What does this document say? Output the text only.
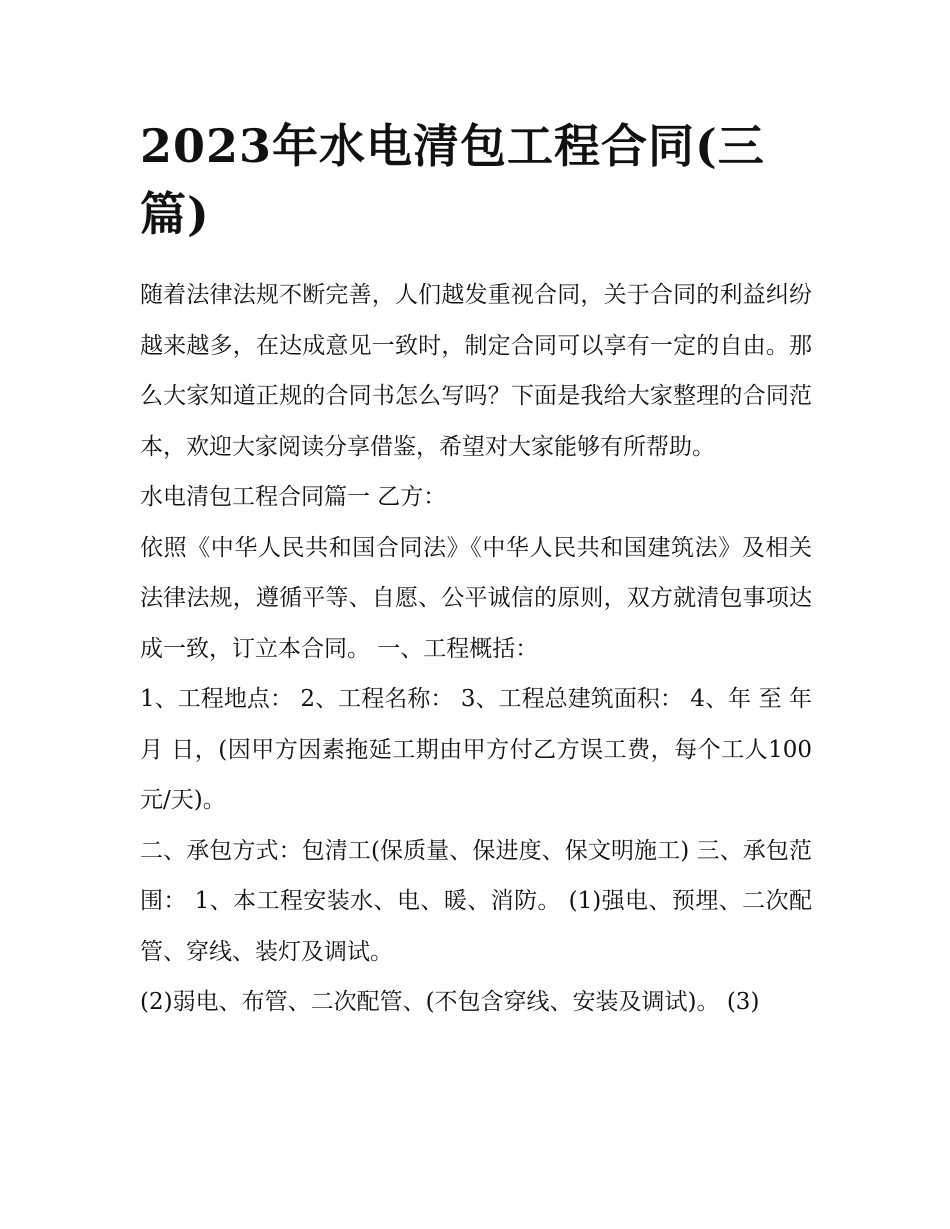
2023年水电清包工程合同(三篇)

随着法律法规不断完善，人们越发重视合同，关于合同的利益纠纷越来越多，在达成意见一致时，制定合同可以享有一定的自由。那么大家知道正规的合同书怎么写吗？下面是我给大家整理的合同范本，欢迎大家阅读分享借鉴，希望对大家能够有所帮助。

水电清包工程合同篇一 乙方：

依照《中华人民共和国合同法》《中华人民共和国建筑法》及相关法律法规，遵循平等、自愿、公平诚信的原则，双方就清包事项达成一致，订立本合同。 一、工程概括：

1、工程地点： 2、工程名称： 3、工程总建筑面积： 4、年 至 年 月 日，(因甲方因素拖延工期由甲方付乙方误工费，每个工人100元/天)。

二、承包方式：包清工(保质量、保进度、保文明施工) 三、承包范围： 1、本工程安装水、电、暖、消防。 (1)强电、预埋、二次配管、穿线、装灯及调试。

(2)弱电、布管、二次配管、(不包含穿线、安装及调试)。 (3)
